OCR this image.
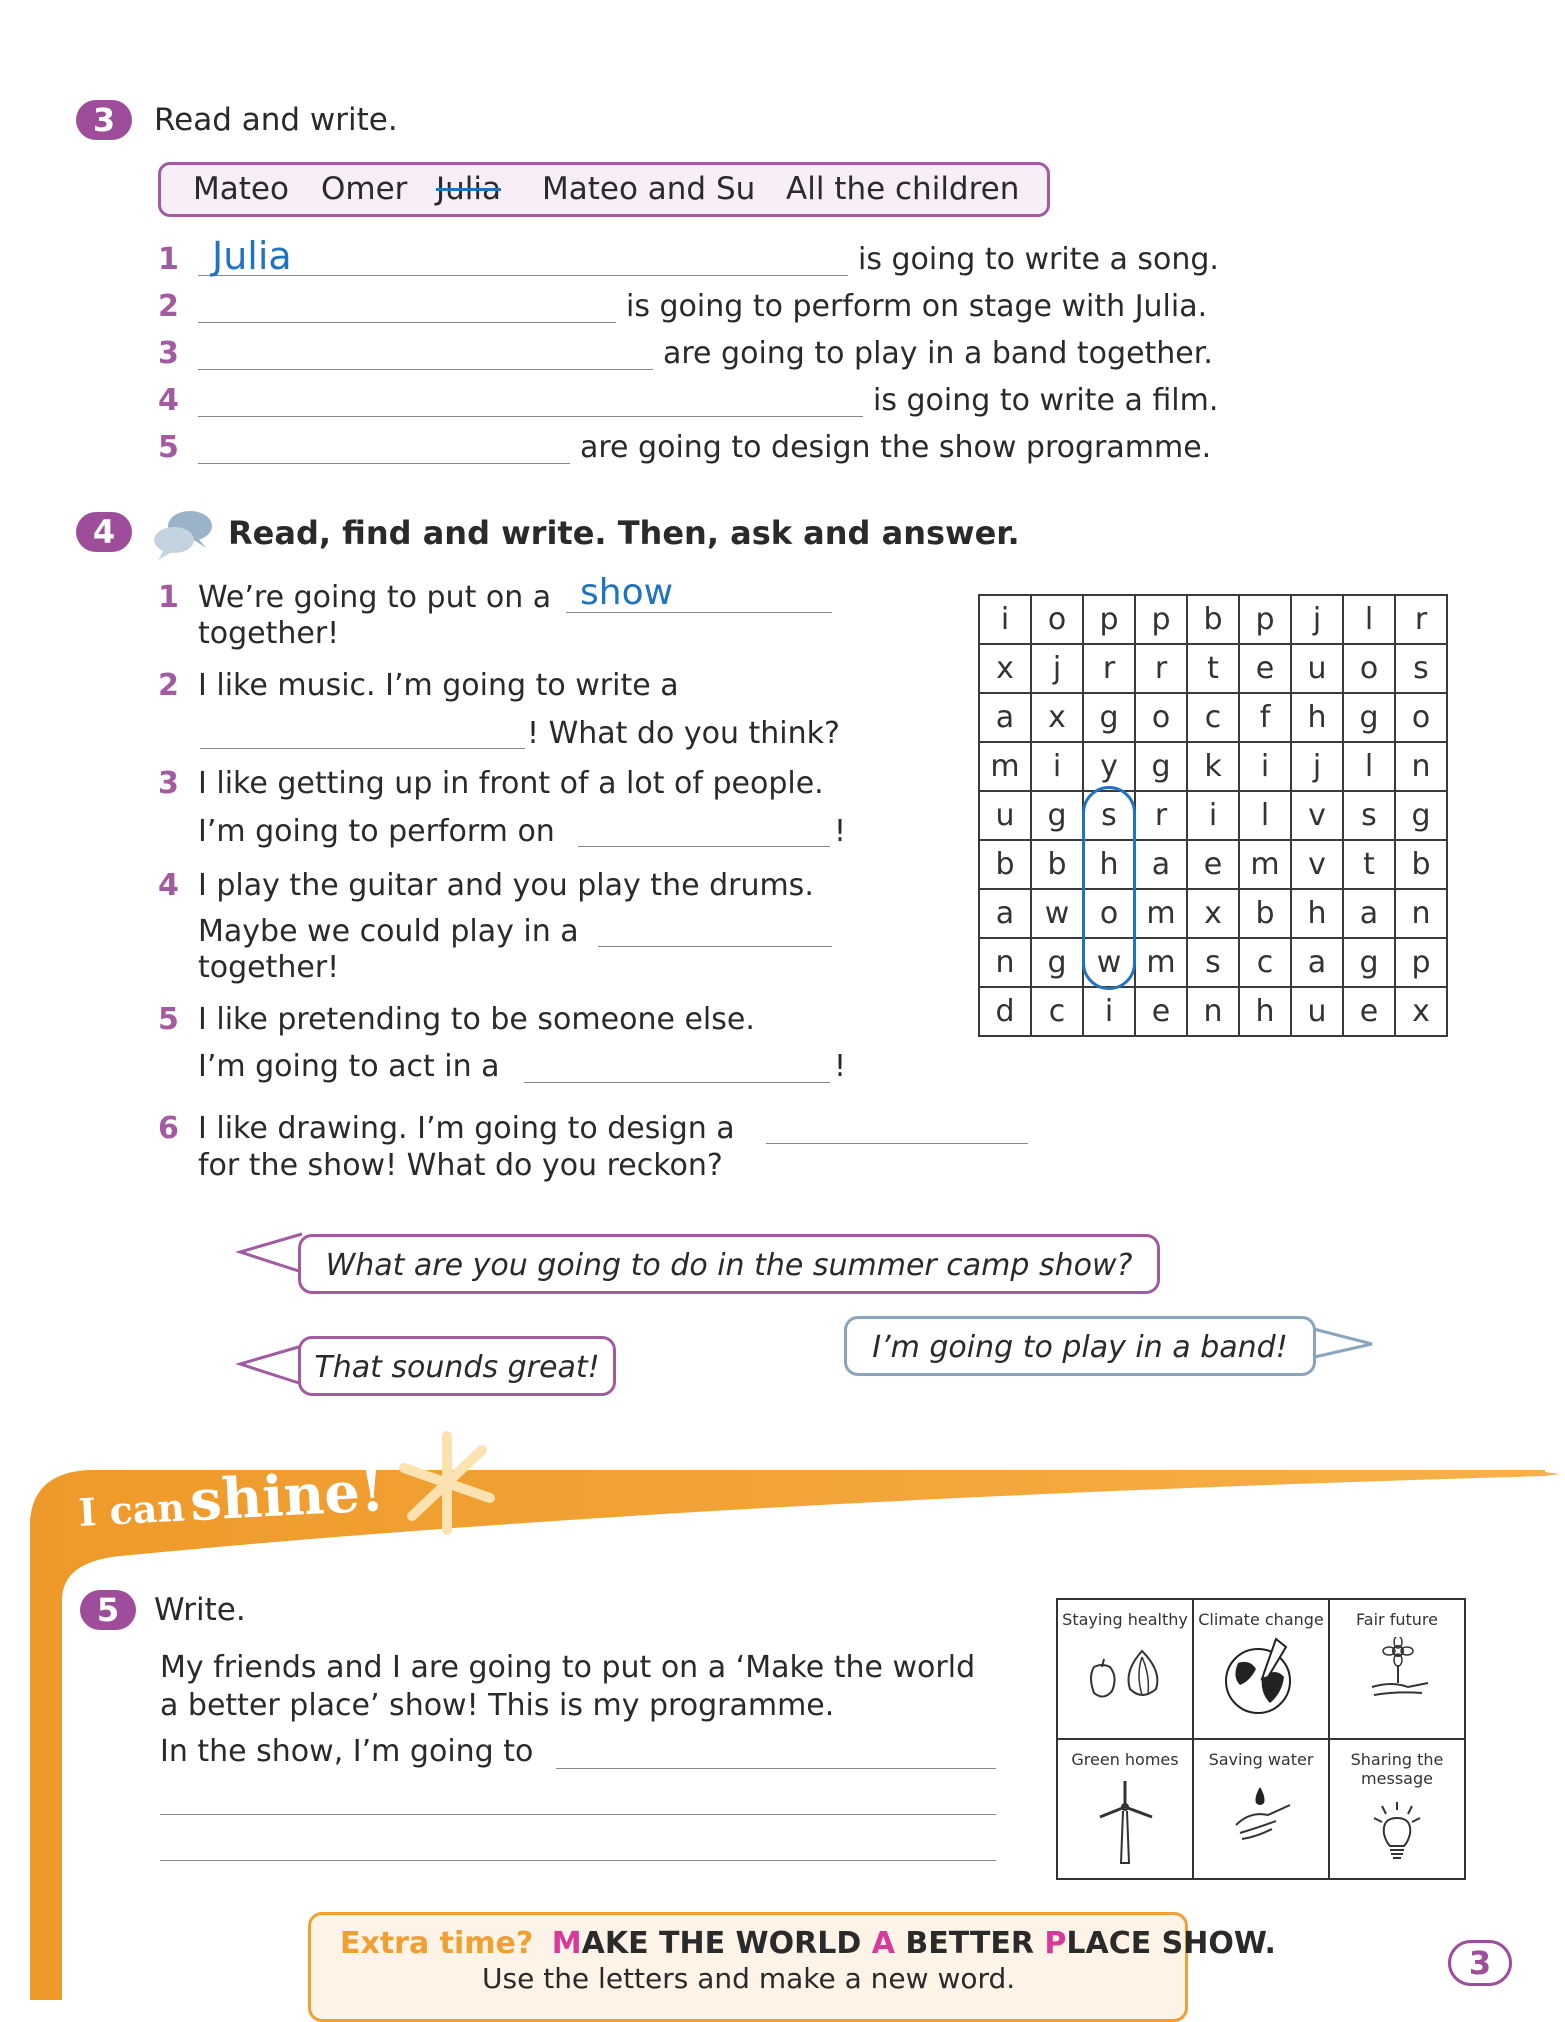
3	Read and write.
Mateo Omer Julia Mateo and Su All the children
1 Julia	is going to write a song.
2	is going to perform on stage with Julia.
3	are going to play in a band together.
4	is going to write a film.
5	are going to design the show programme.
4	Read, find and write. Then, ask and answer.
1 We’re going to put on a show
together!
2 I like music. I’m going to write a
! What do you think?
3 I like getting up in front of a lot of people.
I’m going to perform on	!
4 I play the guitar and you play the drums.
Maybe we could play in a
together!
5 I like pretending to be someone else.
I’m going to act in a	!
6 I like drawing. I’m going to design a
for the show! What do you reckon?
i	o	p	p	b	p	j	l	r
x	j	r	r	t	e	u	o	s
a	x	g	o	c	f	h	g	o
m	i	y	g	k	i	j	l	n
u	g	s	r	i	l	v	s	g
b	b	h	a	e	m	v	t	b
a	w	o	m	x	b	h	a	n
n	g	w	m	s	c	a	g	p
d	c	i	e	n	h	u	e	x
What are you going to do in the summer camp show?
I’m going to play in a band!
That sounds great!
I can shine!
5	Write.
My friends and I are going to put on a ‘Make the world
a better place’ show! This is my programme.
In the show, I’m going to
Staying healthy	Climate change	Fair future

Green homes	Saving water	Sharing the message
Extra time? MAKE THE WORLD A BETTER PLACE SHOW.
Use the letters and make a new word.	3
